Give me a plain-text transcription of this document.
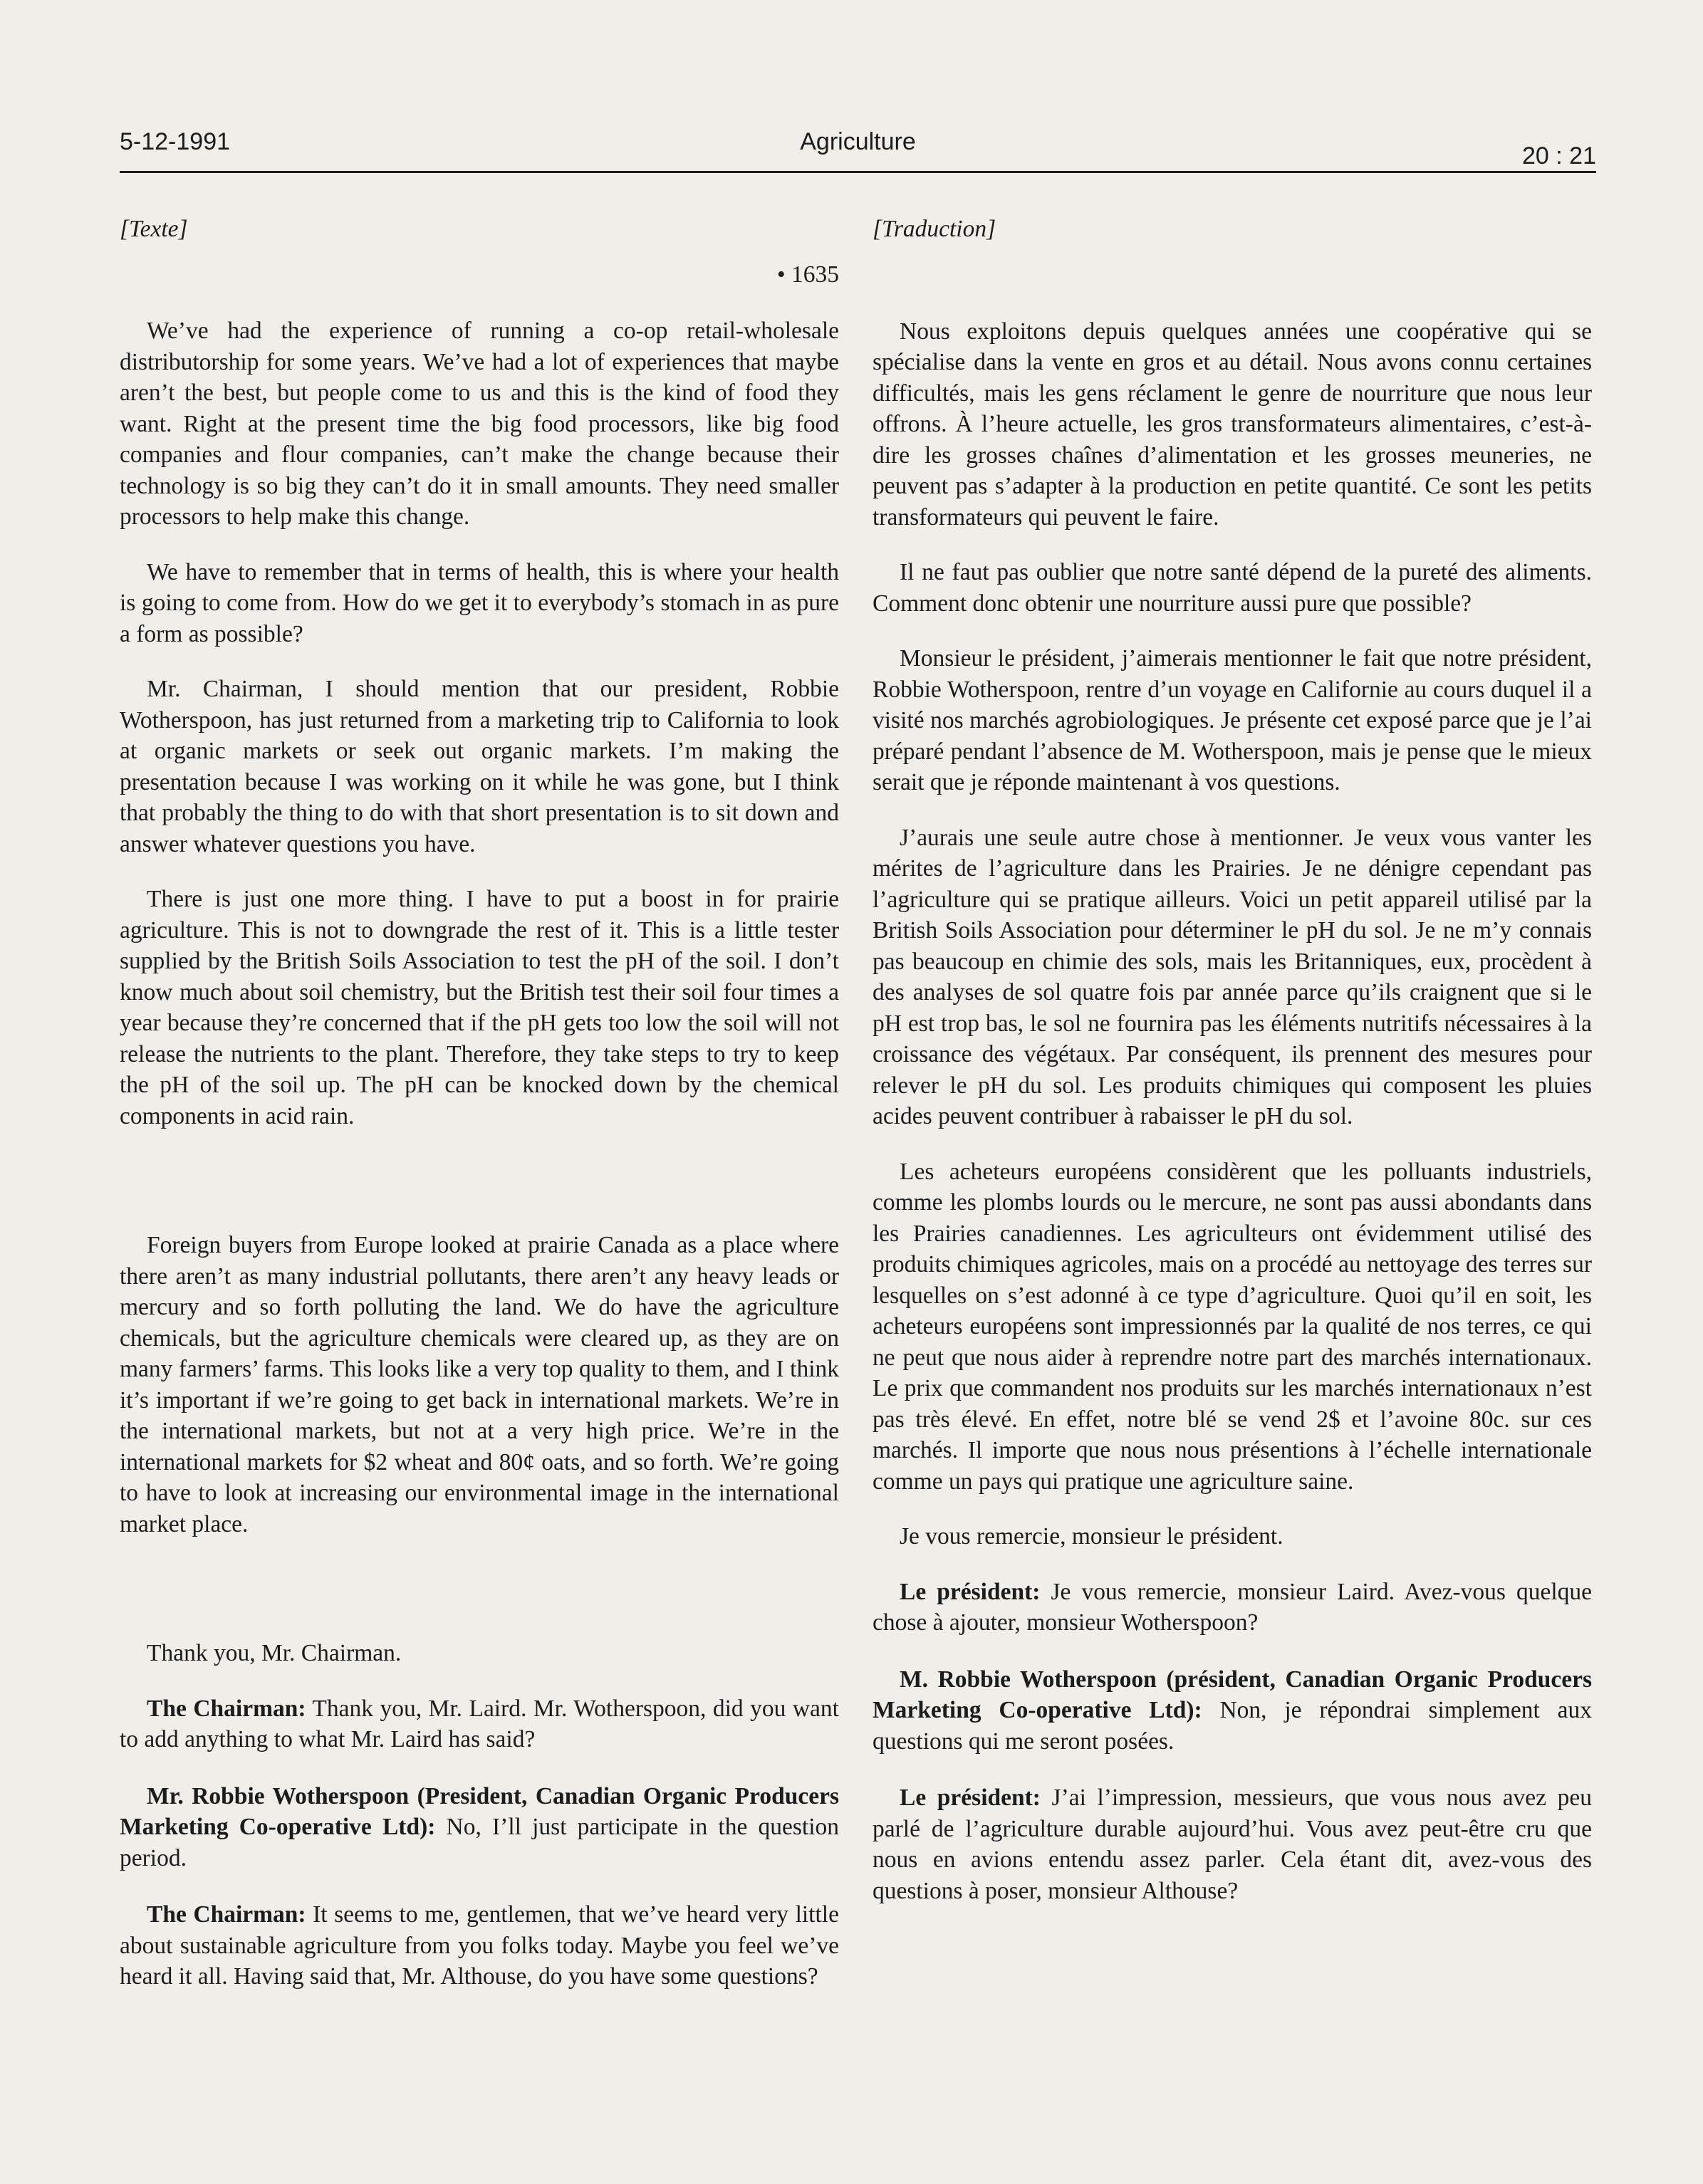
5-12-1991	Agriculture
20 : 21
[Texte]
• 1635

We’ve had the experience of running a co-op retail-wholesale distributorship for some years. We’ve had a lot of experiences that maybe aren’t the best, but people come to us and this is the kind of food they want. Right at the present time the big food processors, like big food companies and flour companies, can’t make the change because their technology is so big they can’t do it in small amounts. They need smaller processors to help make this change.

We have to remember that in terms of health, this is where your health is going to come from. How do we get it to everybody’s stomach in as pure a form as possible?

Mr. Chairman, I should mention that our president, Robbie Wotherspoon, has just returned from a marketing trip to California to look at organic markets or seek out organic markets. I’m making the presentation because I was working on it while he was gone, but I think that probably the thing to do with that short presentation is to sit down and answer whatever questions you have.

There is just one more thing. I have to put a boost in for prairie agriculture. This is not to downgrade the rest of it. This is a little tester supplied by the British Soils Association to test the pH of the soil. I don’t know much about soil chemistry, but the British test their soil four times a year because they’re concerned that if the pH gets too low the soil will not release the nutrients to the plant. Therefore, they take steps to try to keep the pH of the soil up. The pH can be knocked down by the chemical components in acid rain.

Foreign buyers from Europe looked at prairie Canada as a place where there aren’t as many industrial pollutants, there aren’t any heavy leads or mercury and so forth polluting the land. We do have the agriculture chemicals, but the agriculture chemicals were cleared up, as they are on many farmers’ farms. This looks like a very top quality to them, and I think it’s important if we’re going to get back in international markets. We’re in the international markets, but not at a very high price. We’re in the international markets for $2 wheat and 80¢ oats, and so forth. We’re going to have to look at increasing our environmental image in the international market place.

Thank you, Mr. Chairman.

The Chairman: Thank you, Mr. Laird. Mr. Wotherspoon, did you want to add anything to what Mr. Laird has said?

Mr. Robbie Wotherspoon (President, Canadian Organic Producers Marketing Co-operative Ltd): No, I’ll just participate in the question period.

The Chairman: It seems to me, gentlemen, that we’ve heard very little about sustainable agriculture from you folks today. Maybe you feel we’ve heard it all. Having said that, Mr. Althouse, do you have some questions?

[Traduction]

Nous exploitons depuis quelques années une coopérative qui se spécialise dans la vente en gros et au détail. Nous avons connu certaines difficultés, mais les gens réclament le genre de nourriture que nous leur offrons. À l’heure actuelle, les gros transformateurs alimentaires, c’est-à-dire les grosses chaînes d’alimentation et les grosses meuneries, ne peuvent pas s’adapter à la production en petite quantité. Ce sont les petits transformateurs qui peuvent le faire.

Il ne faut pas oublier que notre santé dépend de la pureté des aliments. Comment donc obtenir une nourriture aussi pure que possible?

Monsieur le président, j’aimerais mentionner le fait que notre président, Robbie Wotherspoon, rentre d’un voyage en Californie au cours duquel il a visité nos marchés agrobiologiques. Je présente cet exposé parce que je l’ai préparé pendant l’absence de M. Wotherspoon, mais je pense que le mieux serait que je réponde maintenant à vos questions.

J’aurais une seule autre chose à mentionner. Je veux vous vanter les mérites de l’agriculture dans les Prairies. Je ne dénigre cependant pas l’agriculture qui se pratique ailleurs. Voici un petit appareil utilisé par la British Soils Association pour déterminer le pH du sol. Je ne m’y connais pas beaucoup en chimie des sols, mais les Britanniques, eux, procèdent à des analyses de sol quatre fois par année parce qu’ils craignent que si le pH est trop bas, le sol ne fournira pas les éléments nutritifs nécessaires à la croissance des végétaux. Par conséquent, ils prennent des mesures pour relever le pH du sol. Les produits chimiques qui composent les pluies acides peuvent contribuer à rabaisser le pH du sol.

Les acheteurs européens considèrent que les polluants industriels, comme les plombs lourds ou le mercure, ne sont pas aussi abondants dans les Prairies canadiennes. Les agriculteurs ont évidemment utilisé des produits chimiques agricoles, mais on a procédé au nettoyage des terres sur lesquelles on s’est adonné à ce type d’agriculture. Quoi qu’il en soit, les acheteurs européens sont impressionnés par la qualité de nos terres, ce qui ne peut que nous aider à reprendre notre part des marchés internationaux. Le prix que commandent nos produits sur les marchés internationaux n’est pas très élevé. En effet, notre blé se vend 2$ et l’avoine 80c. sur ces marchés. Il importe que nous nous présentions à l’échelle internationale comme un pays qui pratique une agriculture saine.

Je vous remercie, monsieur le président.

Le président: Je vous remercie, monsieur Laird. Avez-vous quelque chose à ajouter, monsieur Wotherspoon?

M. Robbie Wotherspoon (président, Canadian Organic Producers Marketing Co-operative Ltd): Non, je répondrai simplement aux questions qui me seront posées.

Le président: J’ai l’impression, messieurs, que vous nous avez peu parlé de l’agriculture durable aujourd’hui. Vous avez peut-être cru que nous en avions entendu assez parler. Cela étant dit, avez-vous des questions à poser, monsieur Althouse?
